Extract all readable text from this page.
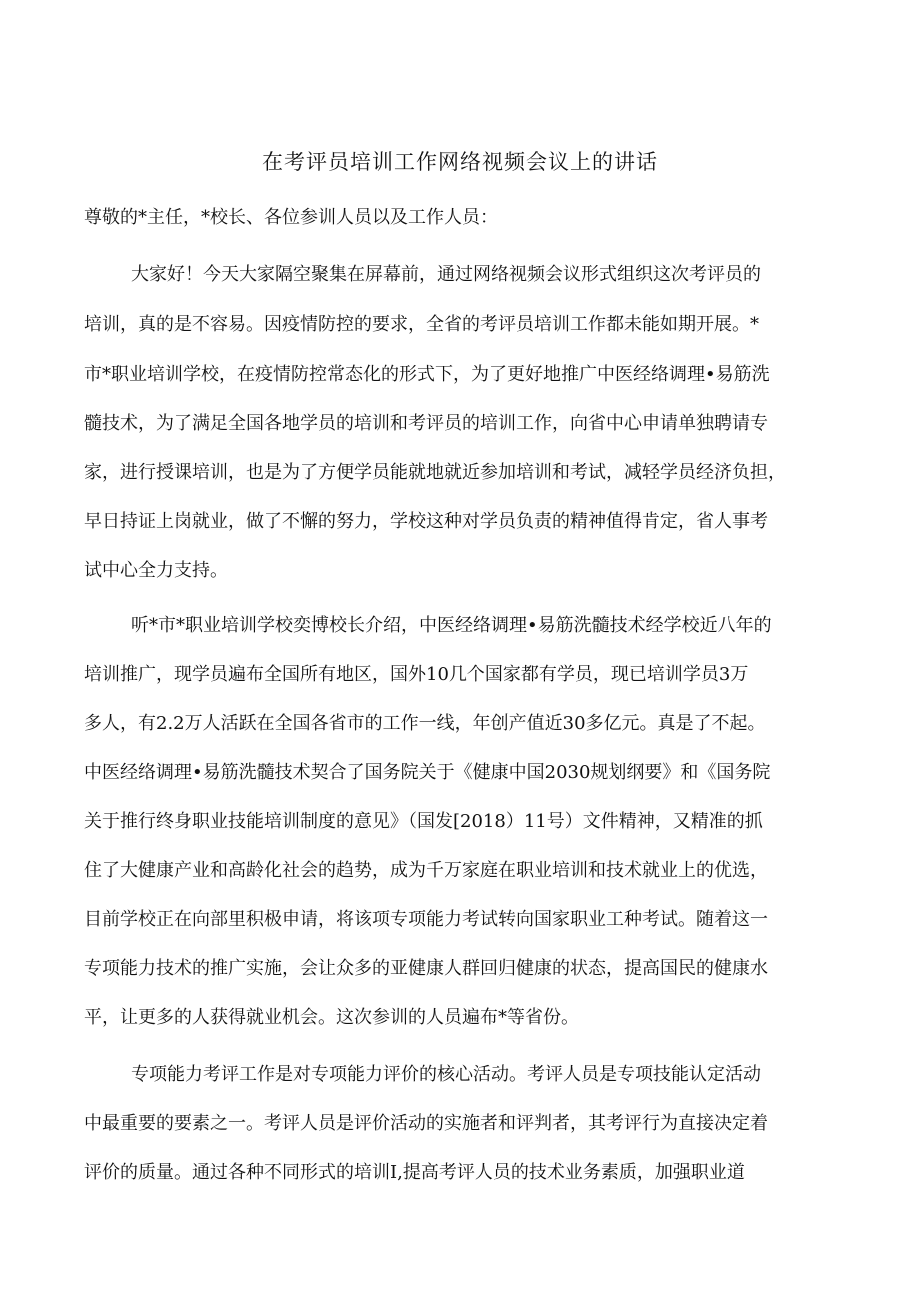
在考评员培训工作网络视频会议上的讲话
尊敬的*主任，*校长、各位参训人员以及工作人员：
大家好！今天大家隔空聚集在屏幕前，通过网络视频会议形式组织这次考评员的
培训，真的是不容易。因疫情防控的要求，全省的考评员培训工作都未能如期开展。*
市*职业培训学校，在疫情防控常态化的形式下，为了更好地推广中医经络调理•易筋洗
髓技术，为了满足全国各地学员的培训和考评员的培训工作，向省中心申请单独聘请专
家，进行授课培训，也是为了方便学员能就地就近参加培训和考试，减轻学员经济负担，
早日持证上岗就业，做了不懈的努力，学校这种对学员负责的精神值得肯定，省人事考
试中心全力支持。
听*市*职业培训学校奕博校长介绍，中医经络调理•易筋洗髓技术经学校近八年的
培训推广，现学员遍布全国所有地区，国外10几个国家都有学员，现已培训学员3万
多人，有2.2万人活跃在全国各省市的工作一线，年创产值近30多亿元。真是了不起。
中医经络调理•易筋洗髓技术契合了国务院关于《健康中国2030规划纲要》和《国务院
关于推行终身职业技能培训制度的意见》（国发[2018）11号）文件精神，又精准的抓
住了大健康产业和高龄化社会的趋势，成为千万家庭在职业培训和技术就业上的优选，
目前学校正在向部里积极申请，将该项专项能力考试转向国家职业工种考试。随着这一
专项能力技术的推广实施，会让众多的亚健康人群回归健康的状态，提高国民的健康水
平，让更多的人获得就业机会。这次参训的人员遍布*等省份。
专项能力考评工作是对专项能力评价的核心活动。考评人员是专项技能认定活动
中最重要的要素之一。考评人员是评价活动的实施者和评判者，其考评行为直接决定着
评价的质量。通过各种不同形式的培训I,提高考评人员的技术业务素质，加强职业道
